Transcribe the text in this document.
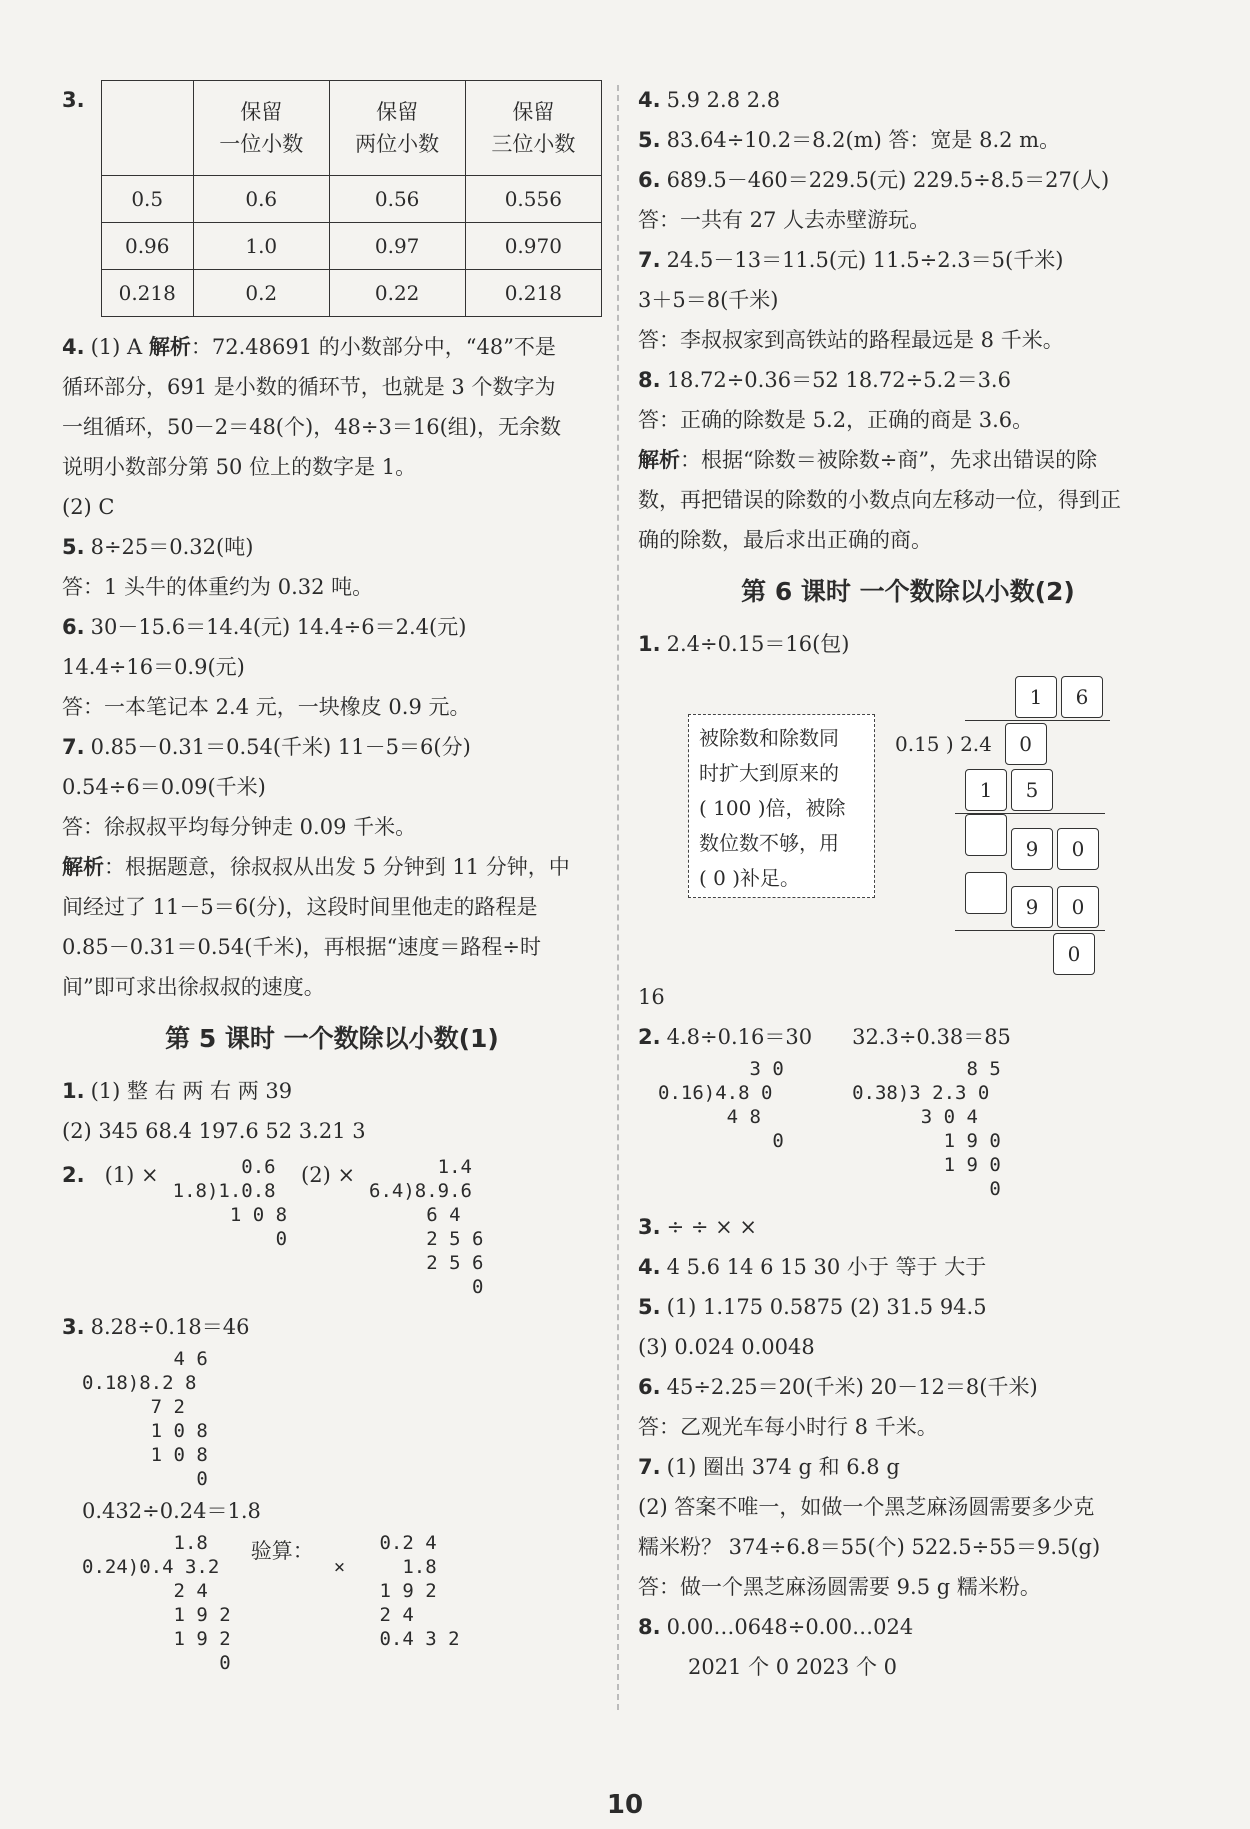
3.
		保留
一位小数	保留
两位小数	保留
三位小数
0.5	0.6	0.56	0.556
0.96	1.0	0.97	0.970
0.218	0.2	0.22	0.218
4. (1) A 解析：72.48691 的小数部分中，“48”不是
循环部分，691 是小数的循环节，也就是 3 个数字为
一组循环，50－2＝48(个)，48÷3＝16(组)，无余数
说明小数部分第 50 位上的数字是 1。
(2) C
5. 8÷25＝0.32(吨)
答：1 头牛的体重约为 0.32 吨。
6. 30－15.6＝14.4(元) 14.4÷6＝2.4(元)
14.4÷16＝0.9(元)
答：一本笔记本 2.4 元，一块橡皮 0.9 元。
7. 0.85－0.31＝0.54(千米) 11－5＝6(分)
0.54÷6＝0.09(千米)
答：徐叔叔平均每分钟走 0.09 千米。
解析：根据题意，徐叔叔从出发 5 分钟到 11 分钟，中
间经过了 11－5＝6(分)，这段时间里他走的路程是
0.85－0.31＝0.54(千米)，再根据“速度＝路程÷时
间”即可求出徐叔叔的速度。
第 5 课时 一个数除以小数(1)
1. (1) 整 右 两 右 两 39
(2) 345 68.4 197.6 52 3.21 3
2. (1) ×	0.6
1.8)1.0.8
1 0 8
0
(2) ×	1.4
6.4)8.9.6
6 4
2 5 6
2 5 6
0
3. 8.28÷0.18＝46
4 6
0.18)8.2 8
7 2
1 0 8
1 0 8
0
0.432÷0.24＝1.8
1.8
0.24)0.4 3.2
2 4
1 9 2
1 9 2
0
验算：	0.2 4
×     1.8
1 9 2
2 4
0.4 3 2
4. 5.9 2.8 2.8
5. 83.64÷10.2＝8.2(m) 答：宽是 8.2 m。
6. 689.5－460＝229.5(元) 229.5÷8.5＝27(人)
答：一共有 27 人去赤壁游玩。
7. 24.5－13＝11.5(元) 11.5÷2.3＝5(千米)
3＋5＝8(千米)
答：李叔叔家到高铁站的路程最远是 8 千米。
8. 18.72÷0.36＝52 18.72÷5.2＝3.6
答：正确的除数是 5.2，正确的商是 3.6。
解析：根据“除数＝被除数÷商”，先求出错误的除
数，再把错误的除数的小数点向左移动一位，得到正
确的除数，最后求出正确的商。
第 6 课时 一个数除以小数(2)
1. 2.4÷0.15＝16(包)
被除数和除数同
时扩大到原来的
( 100 )倍，被除
数位数不够，用
( 0 )补足。
1 6
0.15 ) 2.4 0
1 5
9 0
9 0
0
16
2. 4.8÷0.16＝30
3 0
0.16)4.8 0
4 8
0
32.3÷0.38＝85
8 5
0.38)3 2.3 0
3 0 4
1 9 0
1 9 0
0
3. ÷ ÷ × ×
4. 4 5.6 14 6 15 30 小于 等于 大于
5. (1) 1.175 0.5875 (2) 31.5 94.5
(3) 0.024 0.0048
6. 45÷2.25＝20(千米) 20－12＝8(千米)
答：乙观光车每小时行 8 千米。
7. (1) 圈出 374 g 和 6.8 g
(2) 答案不唯一，如做一个黑芝麻汤圆需要多少克
糯米粉？ 374÷6.8＝55(个) 522.5÷55＝9.5(g)
答：做一个黑芝麻汤圆需要 9.5 g 糯米粉。
8. 0.00…0648÷0.00…024
2021 个 0 2023 个 0
10
